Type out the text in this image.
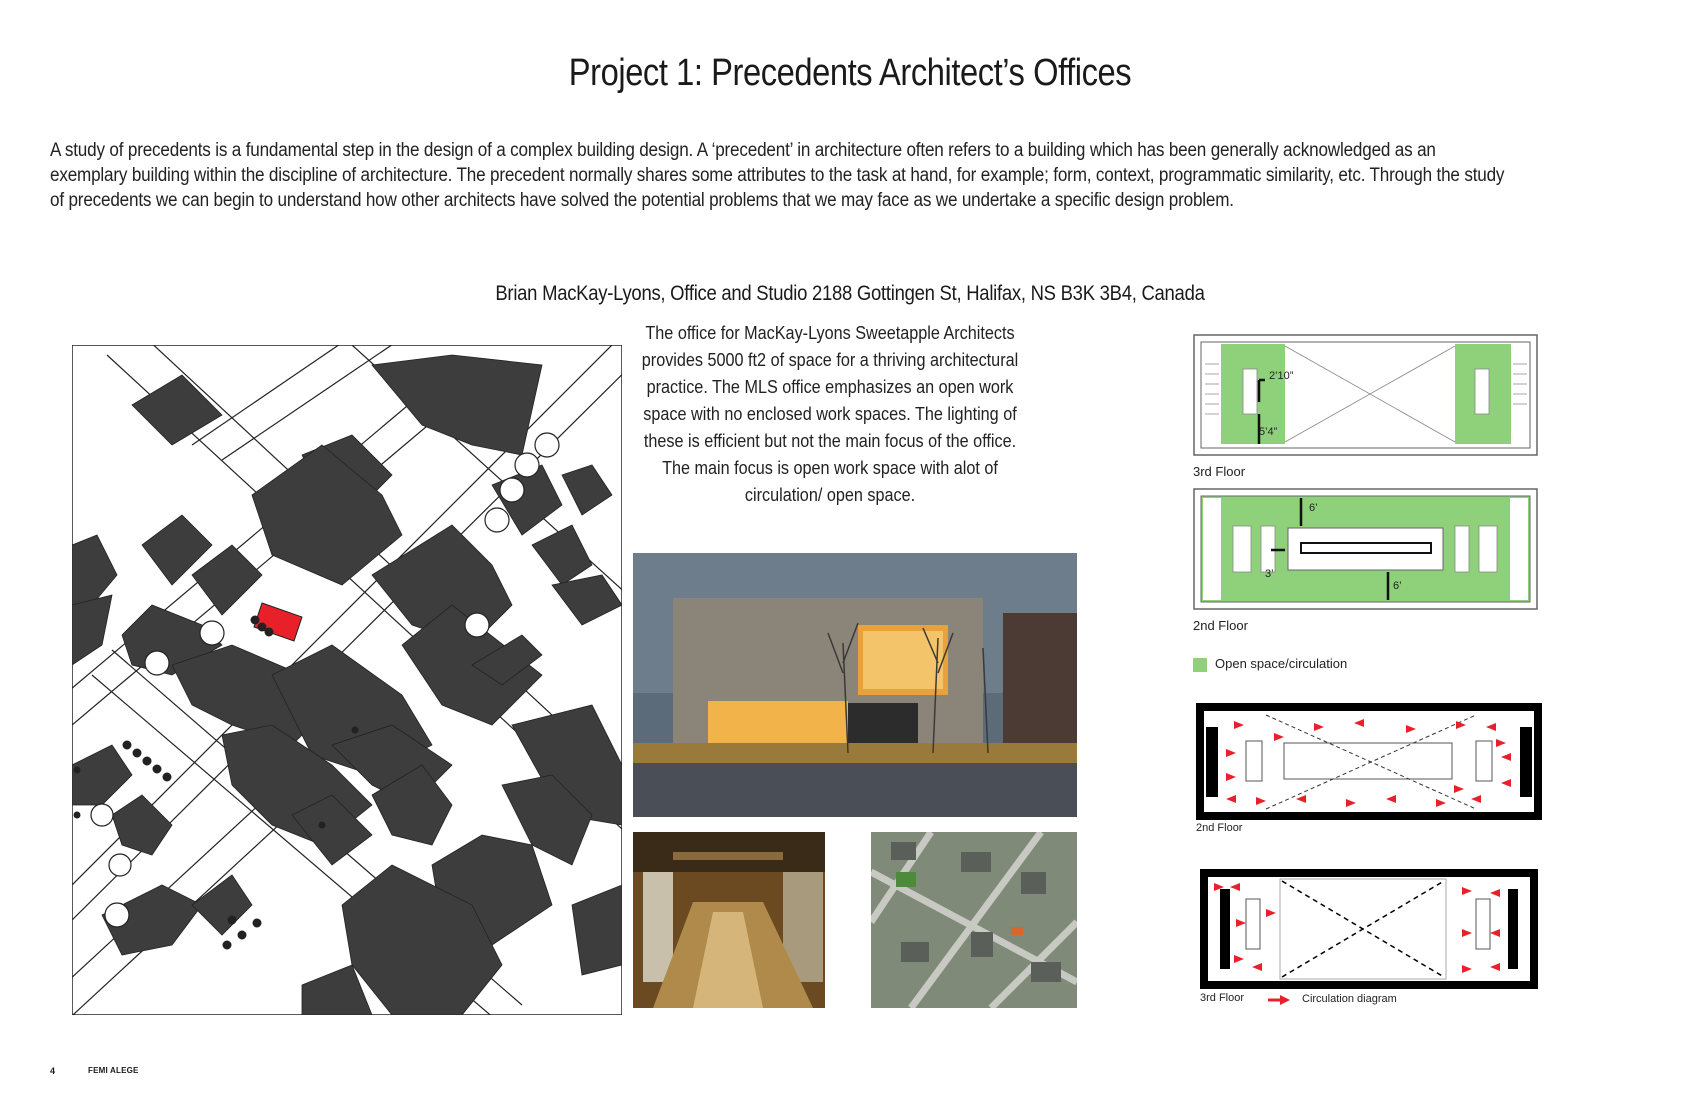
Project 1: Precedents Architect’s Offices
A study of precedents is a fundamental step in the design of a complex building design. A ‘precedent’ in architecture often refers to a building which has been generally acknowledged as an exemplary building within the discipline of architecture. The precedent normally shares some attributes to the task at hand, for example; form, context, programmatic similarity, etc. Through the study of precedents we can begin to understand how other architects have solved the potential problems that we may face as we undertake a specific design problem.
Brian MacKay-Lyons, Office and Studio 2188 Gottingen St, Halifax, NS B3K 3B4, Canada
The office for MacKay-Lyons Sweetapple Architects provides 5000 ft2 of space for a thriving architectural practice. The MLS office emphasizes an open work space with no enclosed work spaces. The lighting of these is efficient but not the main focus of the office. The main focus is open work space with alot of circulation/ open space.
2’10”
5’4”
3rd Floor
6’
3’
6’
2nd Floor
Open space/circulation
2nd Floor
3rd Floor	Circulation diagram
4	FEMI ALEGE
